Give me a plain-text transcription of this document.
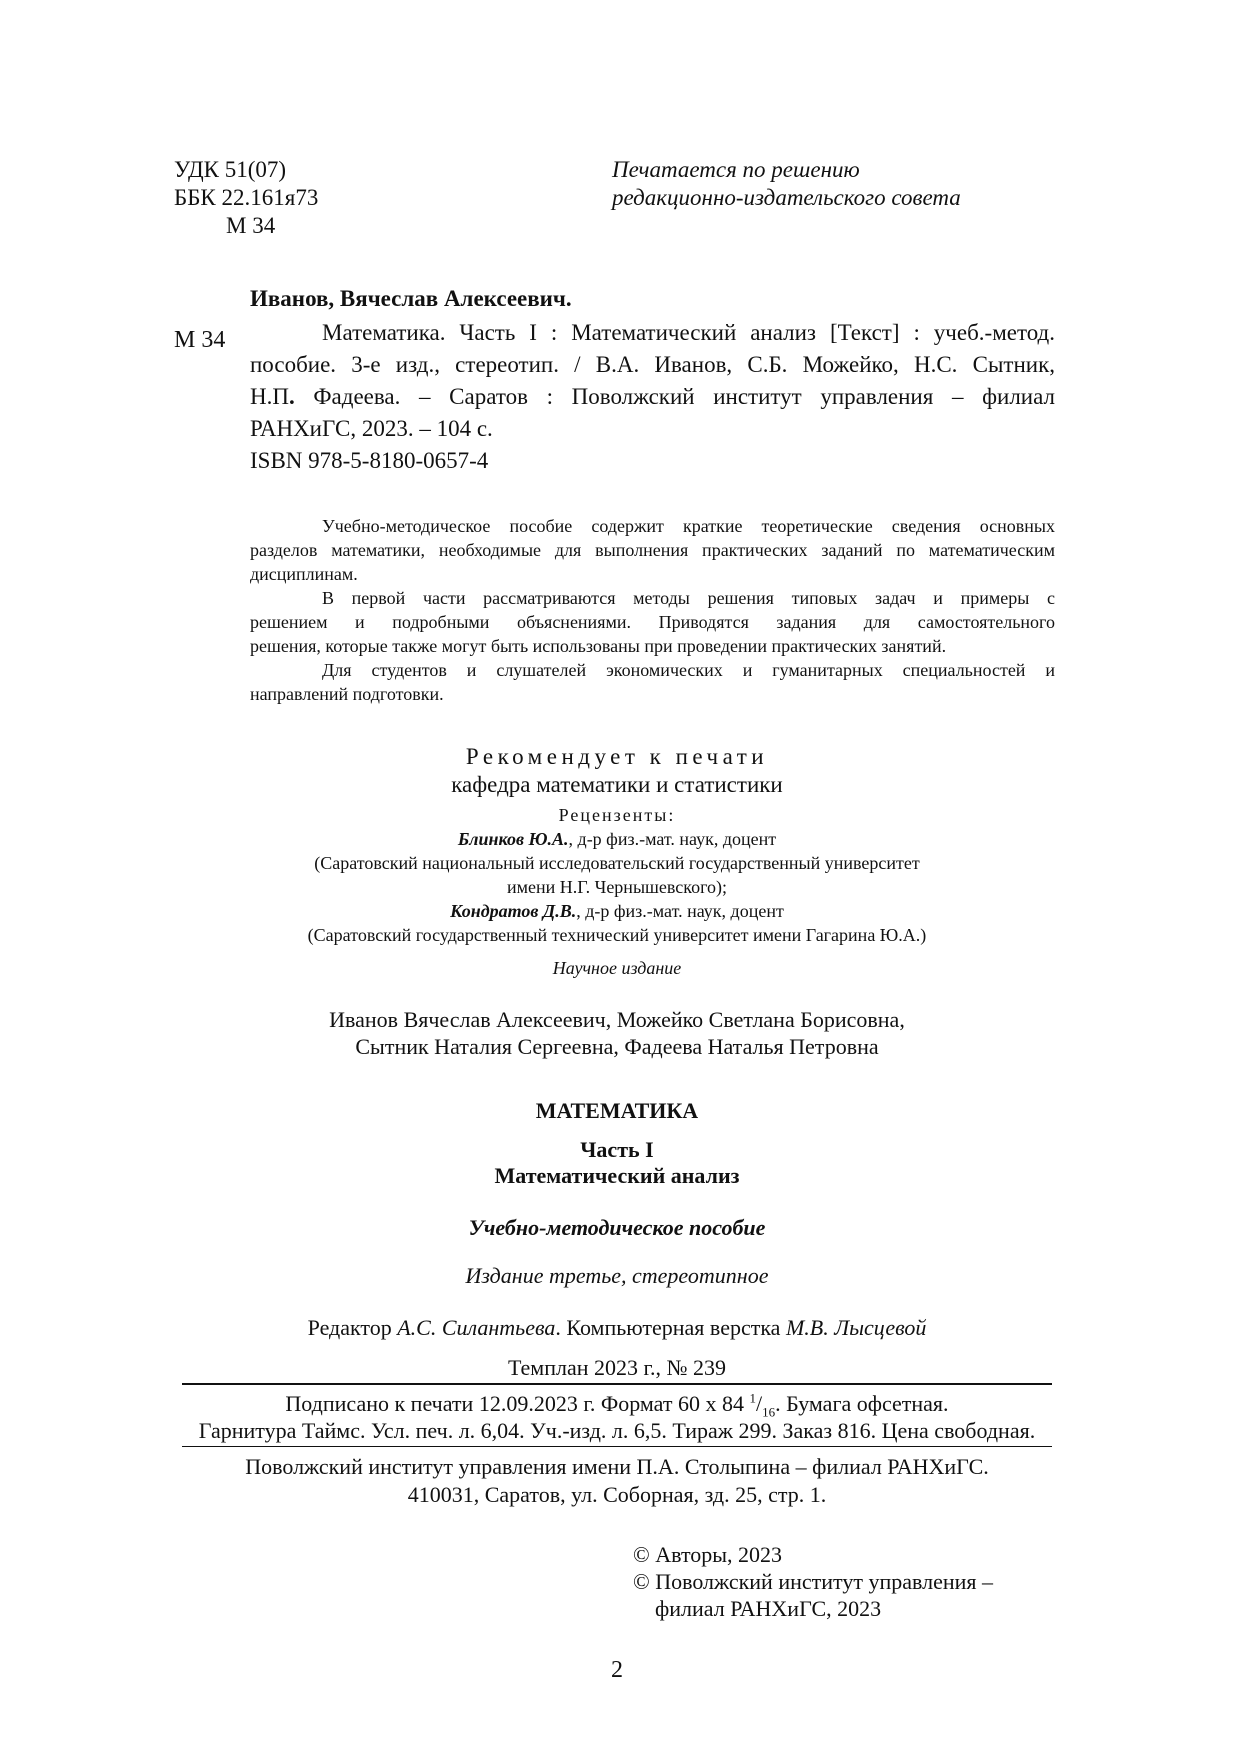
УДК 51(07)
ББК 22.161я73
М 34
Печатается по решению
редакционно-издательского совета
Иванов, Вячеслав Алексеевич.
М 34	Математика. Часть I : Математический анализ [Текст] : учеб.-метод.
пособие. 3-е изд., стереотип. / В.А. Иванов, С.Б. Можейко, Н.С. Сытник,
Н.П. Фадеева. – Саратов : Поволжский институт управления – филиал
РАНХиГС, 2023. – 104 с.
ISBN 978-5-8180-0657-4
Учебно-методическое пособие содержит краткие теоретические сведения основных
разделов математики, необходимые для выполнения практических заданий по математическим
дисциплинам.
В первой части рассматриваются методы решения типовых задач и примеры с
решением и подробными объяснениями. Приводятся задания для самостоятельного
решения, которые также могут быть использованы при проведении практических занятий.
Для студентов и слушателей экономических и гуманитарных специальностей и
направлений подготовки.
Рекомендует к печати
кафедра математики и статистики
Рецензенты:
Блинков Ю.А., д-р физ.-мат. наук, доцент
(Саратовский национальный исследовательский государственный университет
имени Н.Г. Чернышевского);
Кондратов Д.В., д-р физ.-мат. наук, доцент
(Саратовский государственный технический университет имени Гагарина Ю.А.)
Научное издание
Иванов Вячеслав Алексеевич, Можейко Светлана Борисовна,
Сытник Наталия Сергеевна, Фадеева Наталья Петровна
МАТЕМАТИКА
Часть I
Математический анализ
Учебно-методическое пособие
Издание третье, стереотипное
Редактор А.С. Силантьева. Компьютерная верстка М.В. Лысцевой
Темплан 2023 г., № 239
Подписано к печати 12.09.2023 г. Формат 60 x 84 $^1/_{16}$. Бумага офсетная.
Гарнитура Таймс. Усл. печ. л. 6,04. Уч.-изд. л. 6,5. Тираж 299. Заказ 816. Цена свободная.
Поволжский институт управления имени П.А. Столыпина – филиал РАНХиГС.
410031, Саратов, ул. Соборная, зд. 25, стр. 1.
© Авторы, 2023
© Поволжский институт управления –
филиал РАНХиГС, 2023
2
